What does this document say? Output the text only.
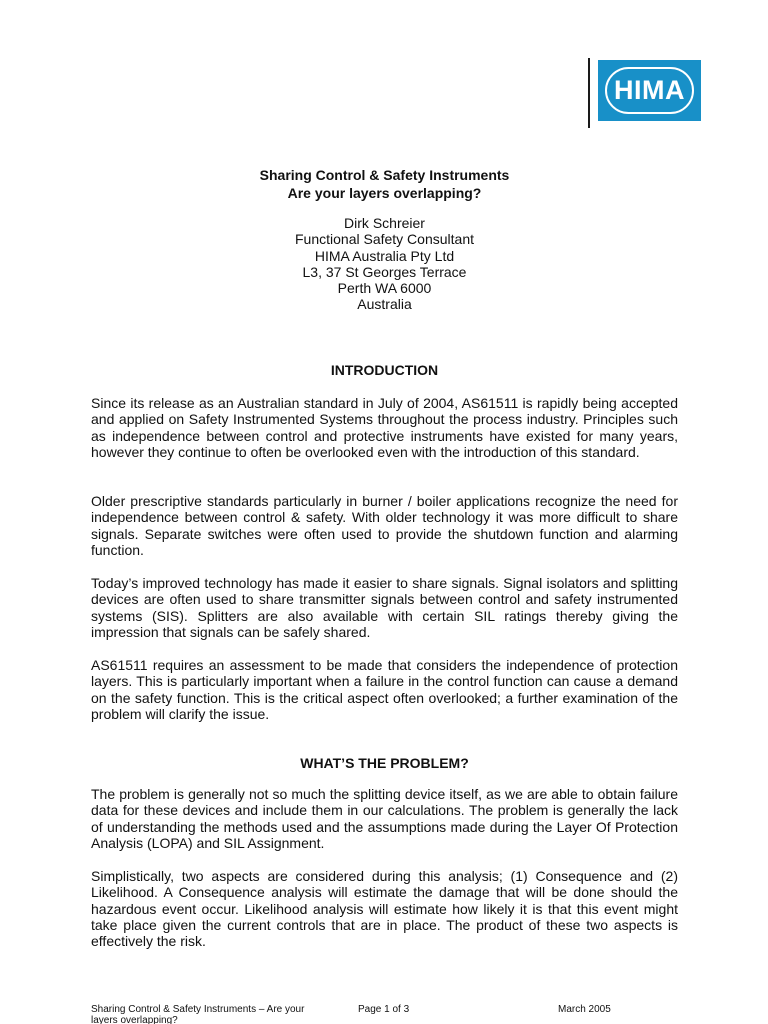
HIMA
Sharing Control & Safety Instruments
Are your layers overlapping?
Dirk Schreier
Functional Safety Consultant
HIMA Australia Pty Ltd
L3, 37 St Georges Terrace
Perth WA 6000
Australia
INTRODUCTION

Since its release as an Australian standard in July of 2004, AS61511 is rapidly being accepted and applied on Safety Instrumented Systems throughout the process industry. Principles such as independence between control and protective instruments have existed for many years, however they continue to often be overlooked even with the introduction of this standard.

Older prescriptive standards particularly in burner / boiler applications recognize the need for independence between control & safety. With older technology it was more difficult to share signals. Separate switches were often used to provide the shutdown function and alarming function.

Today’s improved technology has made it easier to share signals. Signal isolators and splitting devices are often used to share transmitter signals between control and safety instrumented systems (SIS). Splitters are also available with certain SIL ratings thereby giving the impression that signals can be safely shared.

AS61511 requires an assessment to be made that considers the independence of protection layers. This is particularly important when a failure in the control function can cause a demand on the safety function. This is the critical aspect often overlooked; a further examination of the problem will clarify the issue.

WHAT’S THE PROBLEM?

The problem is generally not so much the splitting device itself, as we are able to obtain failure data for these devices and include them in our calculations. The problem is generally the lack of understanding the methods used and the assumptions made during the Layer Of Protection Analysis (LOPA) and SIL Assignment.

Simplistically, two aspects are considered during this analysis; (1) Consequence and (2) Likelihood. A Consequence analysis will estimate the damage that will be done should the hazardous event occur. Likelihood analysis will estimate how likely it is that this event might take place given the current controls that are in place. The product of these two aspects is effectively the risk.

Sharing Control & Safety Instruments – Are your layers overlapping?
Page 1 of 3	March 2005
